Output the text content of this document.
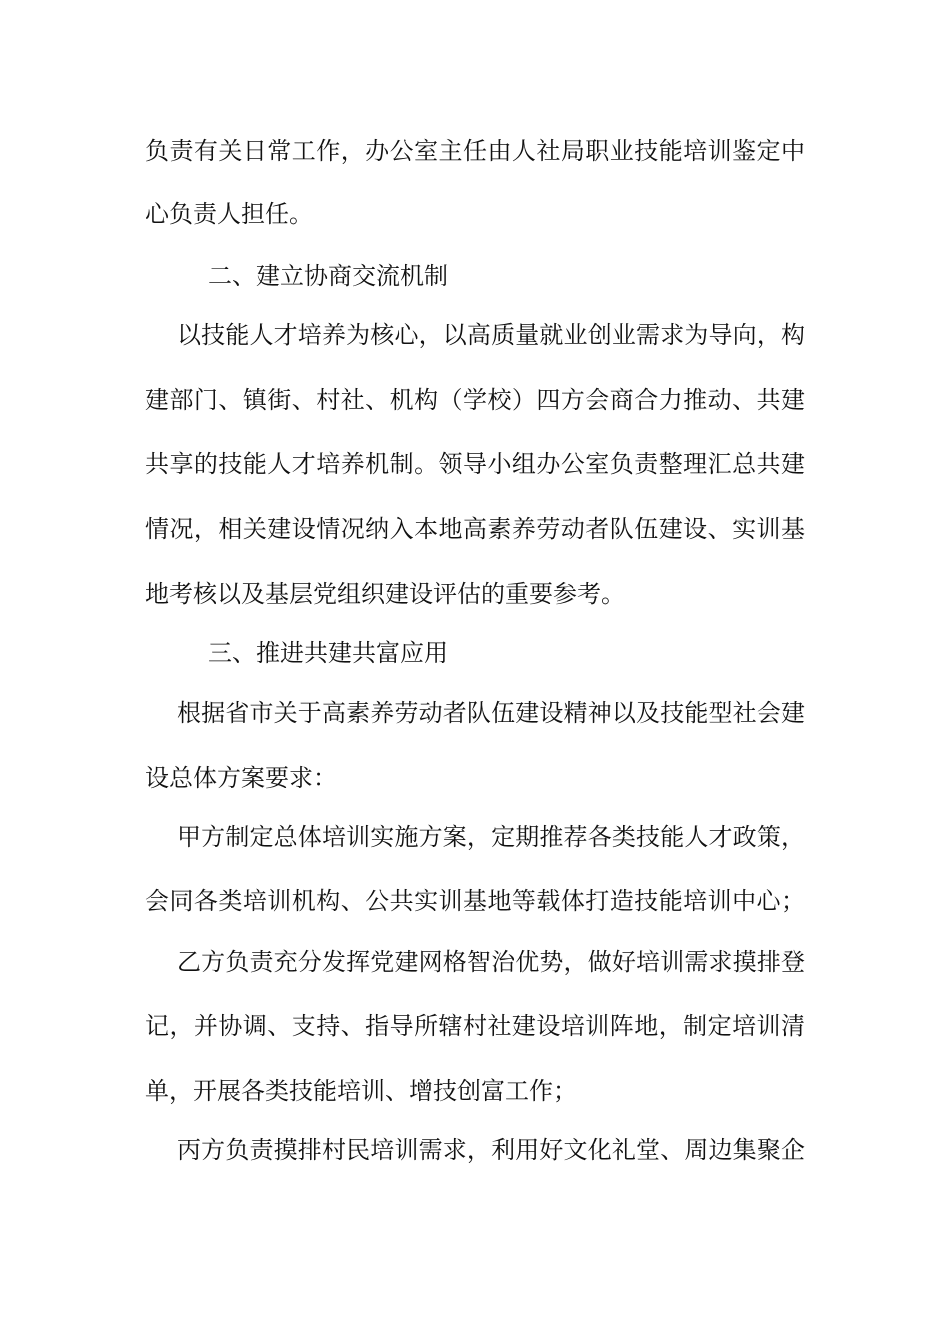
负责有关日常工作，办公室主任由人社局职业技能培训鉴定中

心负责人担任。

二、建立协商交流机制

以技能人才培养为核心，以高质量就业创业需求为导向，构

建部门、镇街、村社、机构（学校）四方会商合力推动、共建

共享的技能人才培养机制。领导小组办公室负责整理汇总共建

情况，相关建设情况纳入本地高素养劳动者队伍建设、实训基

地考核以及基层党组织建设评估的重要参考。

三、推进共建共富应用

根据省市关于高素养劳动者队伍建设精神以及技能型社会建

设总体方案要求：

甲方制定总体培训实施方案，定期推荐各类技能人才政策，

会同各类培训机构、公共实训基地等载体打造技能培训中心；

乙方负责充分发挥党建网格智治优势，做好培训需求摸排登

记，并协调、支持、指导所辖村社建设培训阵地，制定培训清

单，开展各类技能培训、增技创富工作；

丙方负责摸排村民培训需求，利用好文化礼堂、周边集聚企
